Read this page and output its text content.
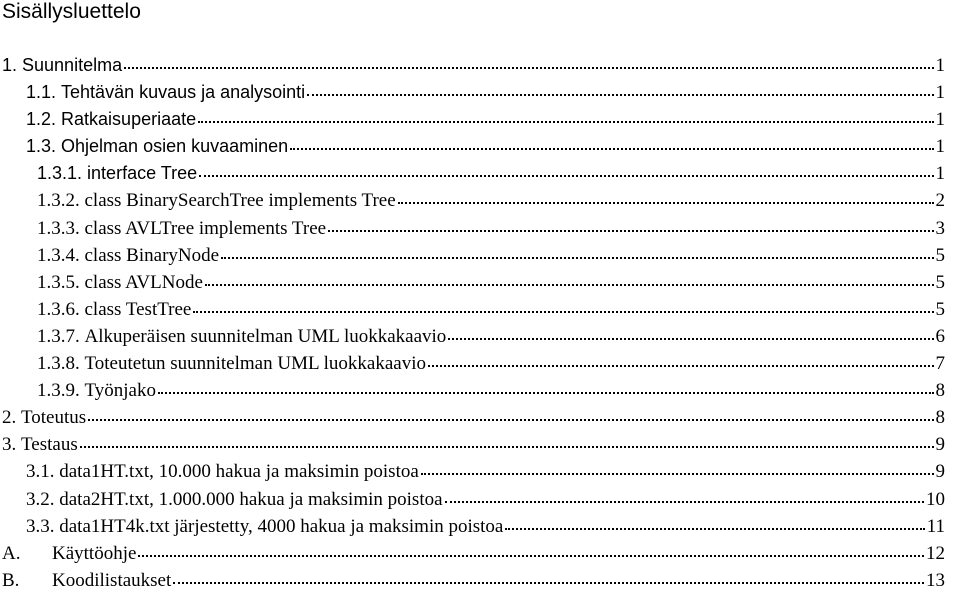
Sisällysluettelo
1. Suunnitelma	1
1.1. Tehtävän kuvaus ja analysointi	1
1.2. Ratkaisuperiaate	1
1.3. Ohjelman osien kuvaaminen	1
1.3.1. interface Tree	1
1.3.2. class BinarySearchTree implements Tree	2
1.3.3. class AVLTree implements Tree	3
1.3.4. class BinaryNode	5
1.3.5. class AVLNode	5
1.3.6. class TestTree	5
1.3.7. Alkuperäisen suunnitelman UML luokkakaavio	6
1.3.8. Toteutetun suunnitelman UML luokkakaavio	7
1.3.9. Työnjako	8
2. Toteutus	8
3. Testaus	9
3.1. data1HT.txt, 10.000 hakua ja maksimin poistoa	9
3.2. data2HT.txt, 1.000.000 hakua ja maksimin poistoa	10
3.3. data1HT4k.txt järjestetty, 4000 hakua ja maksimin poistoa	11
A.	Käyttöohje	12
B.	Koodilistaukset	13
